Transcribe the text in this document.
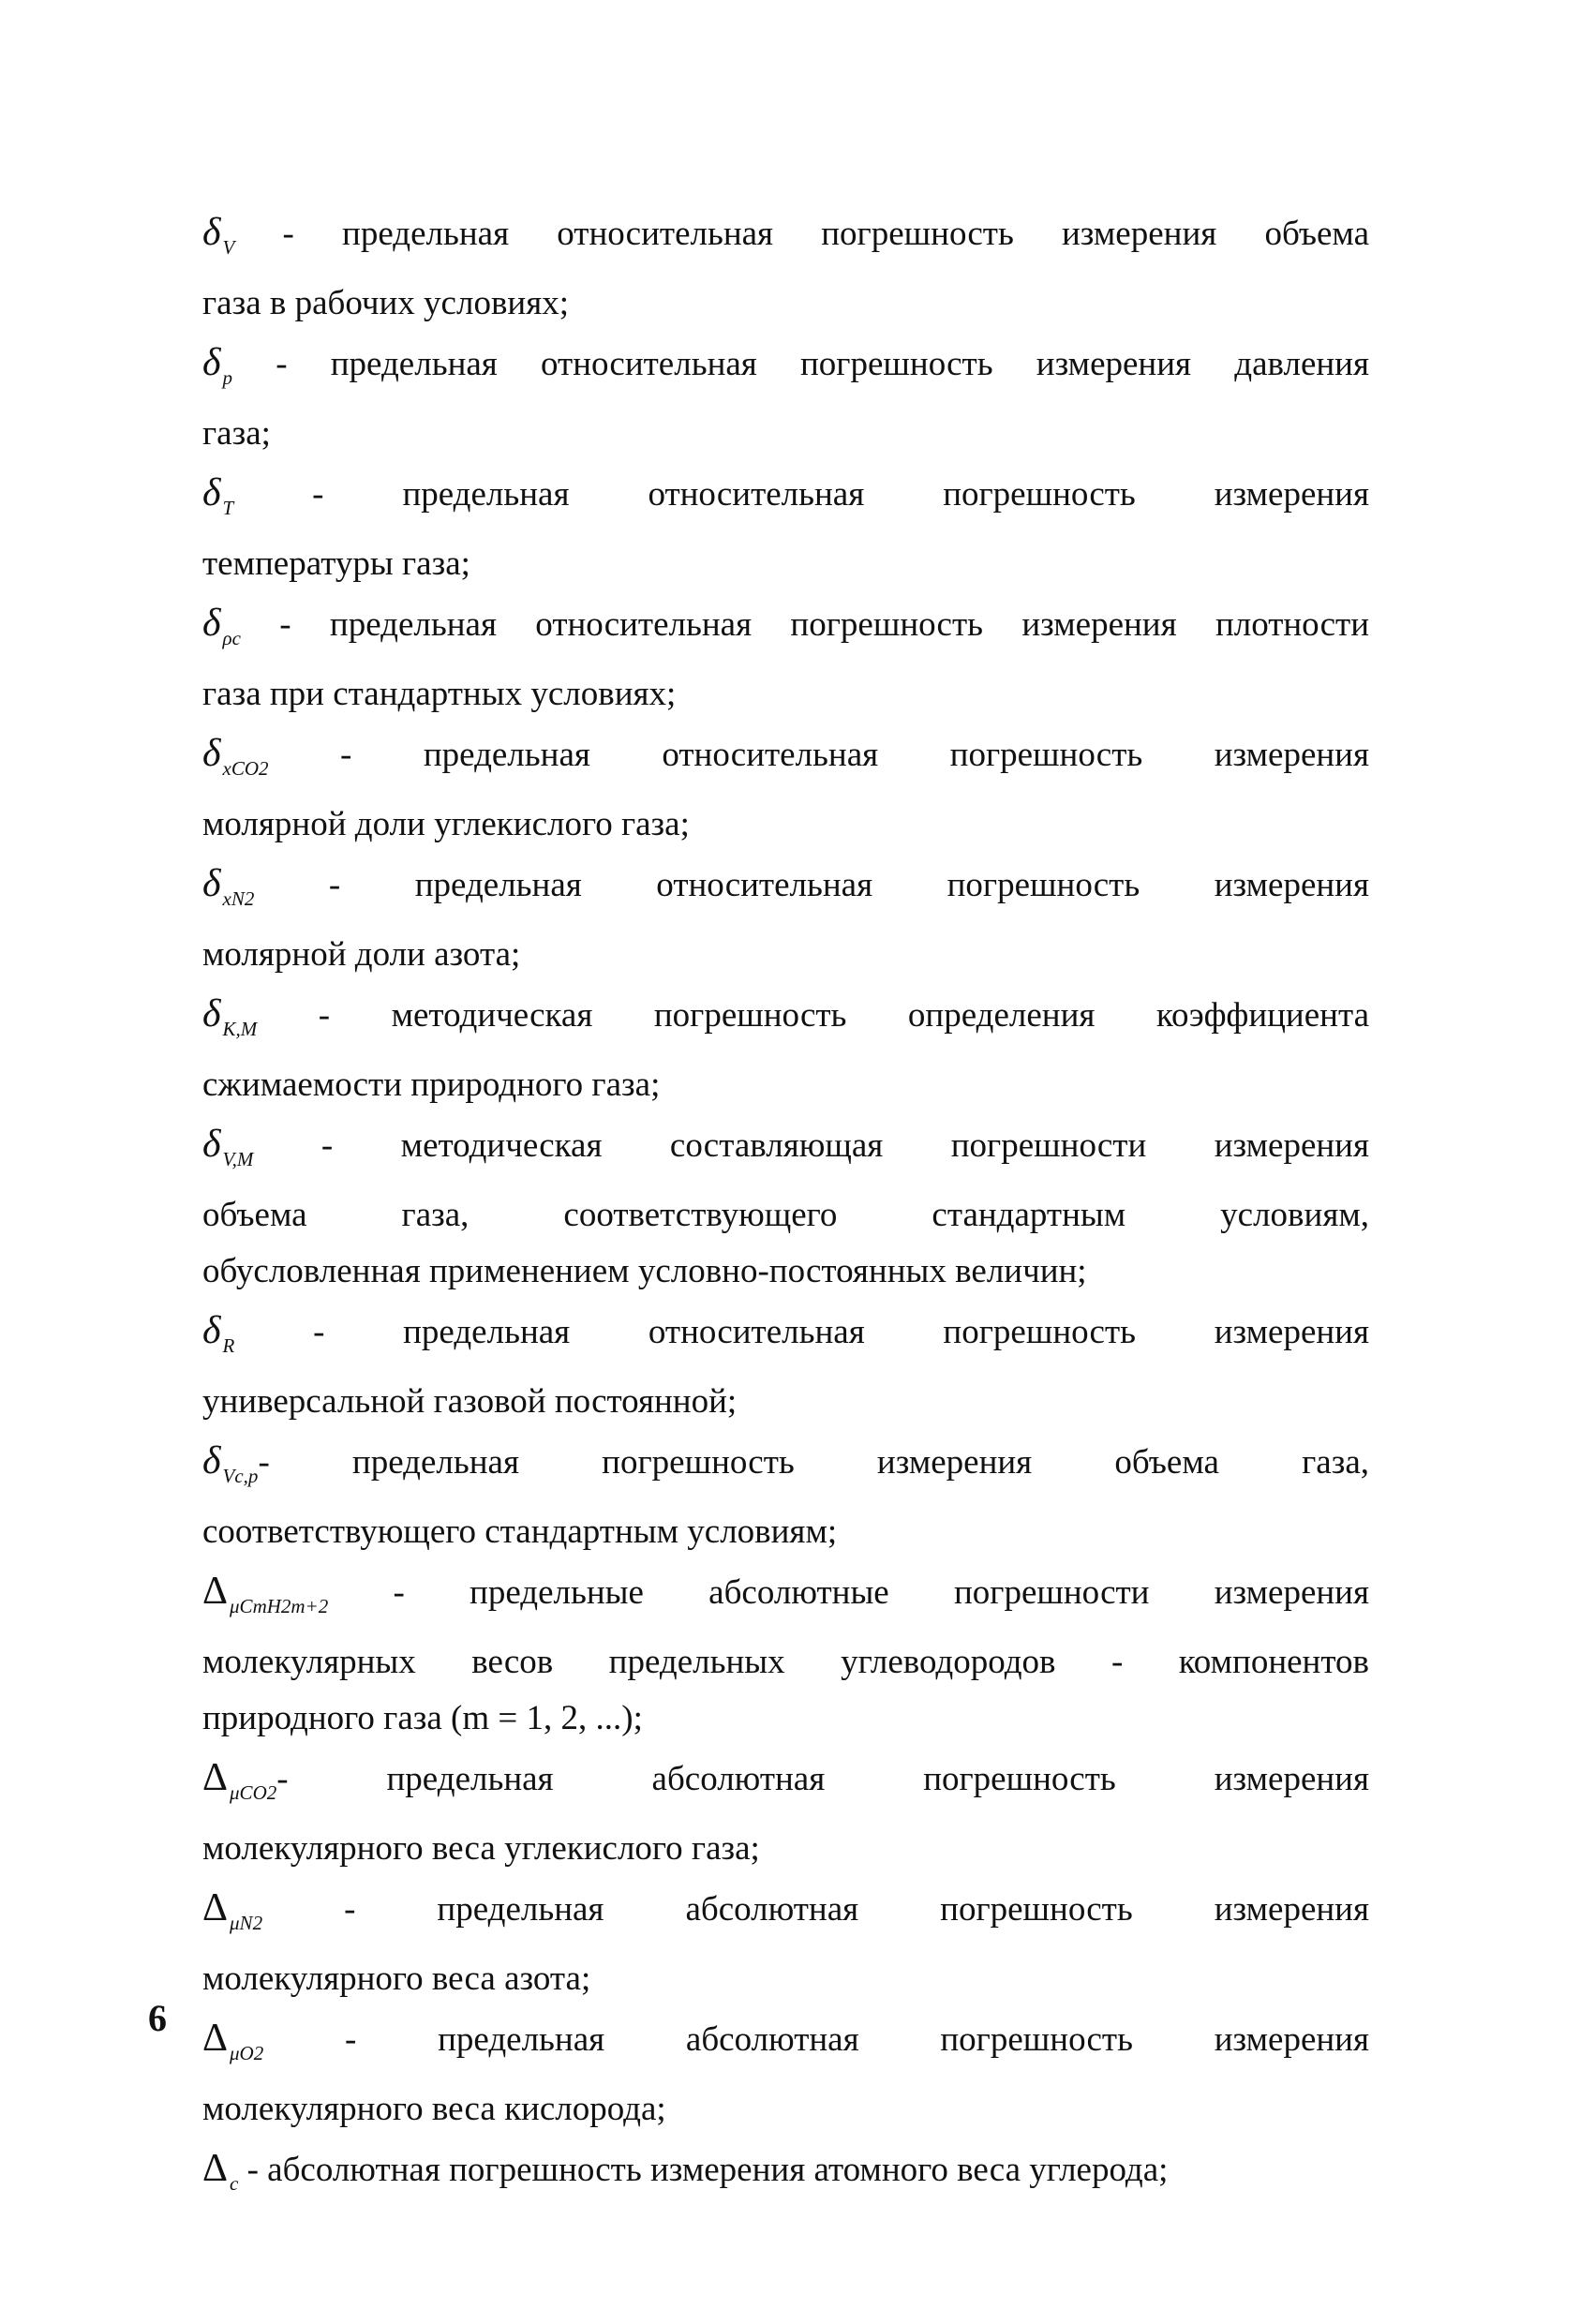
$\delta_V$ - предельная относительная погрешность измерения объема
газа в рабочих условиях;
$\delta_p$ - предельная относительная погрешность измерения давления
газа;
$\delta_T$ - предельная относительная погрешность измерения
температуры газа;
$\delta_{\rho c}$ - предельная относительная погрешность измерения плотности
газа при стандартных условиях;
$\delta_{xCO2}$ - предельная относительная погрешность измерения
молярной доли углекислого газа;
$\delta_{xN2}$ - предельная относительная погрешность измерения
молярной доли азота;
$\delta_{K,M}$ - методическая погрешность определения коэффициента
сжимаемости природного газа;
$\delta_{V,M}$ - методическая составляющая погрешности измерения
объема газа, соответствующего стандартным условиям,
обусловленная применением условно-постоянных величин;
$\delta_R$ - предельная относительная погрешность измерения
универсальной газовой постоянной;
$\delta_{Vc,p}-$ предельная погрешность измерения объема газа,
соответствующего стандартным условиям;
$\Delta_{\mu CmH2m+2}$ - предельные абсолютные погрешности измерения
молекулярных весов предельных углеводородов - компонентов
природного газа (m = 1, 2, ...);
$\Delta_{\mu CO2}-$ предельная абсолютная погрешность измерения
молекулярного веса углекислого газа;
$\Delta_{\mu N2}$ - предельная абсолютная погрешность измерения
молекулярного веса азота;
$\Delta_{\mu O2}$ - предельная абсолютная погрешность измерения
молекулярного веса кислорода;
$\Delta_c$ - абсолютная погрешность измерения атомного веса углерода;
6
